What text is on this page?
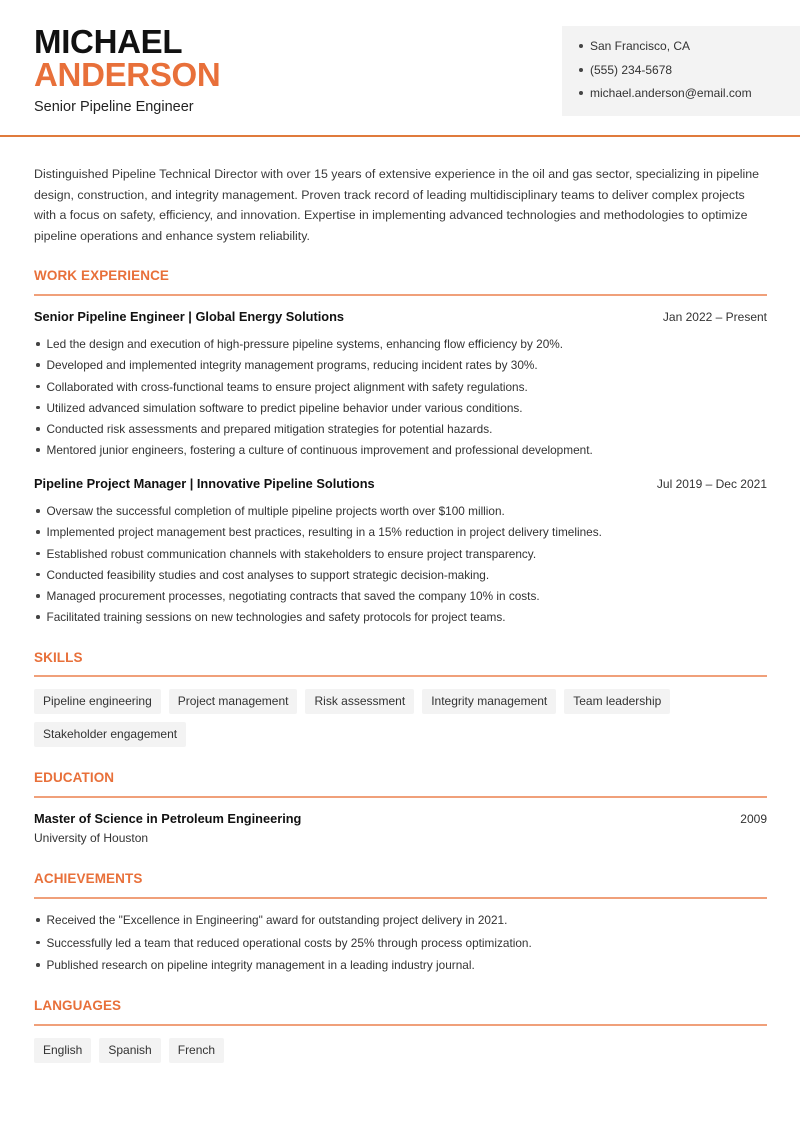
MICHAEL
ANDERSON
Senior Pipeline Engineer
San Francisco, CA
(555) 234-5678
michael.anderson@email.com

Distinguished Pipeline Technical Director with over 15 years of extensive experience in the oil and gas sector, specializing in pipeline design, construction, and integrity management. Proven track record of leading multidisciplinary teams to deliver complex projects with a focus on safety, efficiency, and innovation. Expertise in implementing advanced technologies and methodologies to optimize pipeline operations and enhance system reliability.

WORK EXPERIENCE
Senior Pipeline Engineer | Global Energy Solutions	Jan 2022 – Present
Led the design and execution of high-pressure pipeline systems, enhancing flow efficiency by 20%.
Developed and implemented integrity management programs, reducing incident rates by 30%.
Collaborated with cross-functional teams to ensure project alignment with safety regulations.
Utilized advanced simulation software to predict pipeline behavior under various conditions.
Conducted risk assessments and prepared mitigation strategies for potential hazards.
Mentored junior engineers, fostering a culture of continuous improvement and professional development.
Pipeline Project Manager | Innovative Pipeline Solutions	Jul 2019 – Dec 2021
Oversaw the successful completion of multiple pipeline projects worth over $100 million.
Implemented project management best practices, resulting in a 15% reduction in project delivery timelines.
Established robust communication channels with stakeholders to ensure project transparency.
Conducted feasibility studies and cost analyses to support strategic decision-making.
Managed procurement processes, negotiating contracts that saved the company 10% in costs.
Facilitated training sessions on new technologies and safety protocols for project teams.
SKILLS
Pipeline engineering	Project management	Risk assessment	Integrity management	Team leadership
Stakeholder engagement
EDUCATION
Master of Science in Petroleum Engineering	2009
University of Houston
ACHIEVEMENTS
Received the "Excellence in Engineering" award for outstanding project delivery in 2021.
Successfully led a team that reduced operational costs by 25% through process optimization.
Published research on pipeline integrity management in a leading industry journal.
LANGUAGES
English	Spanish	French
